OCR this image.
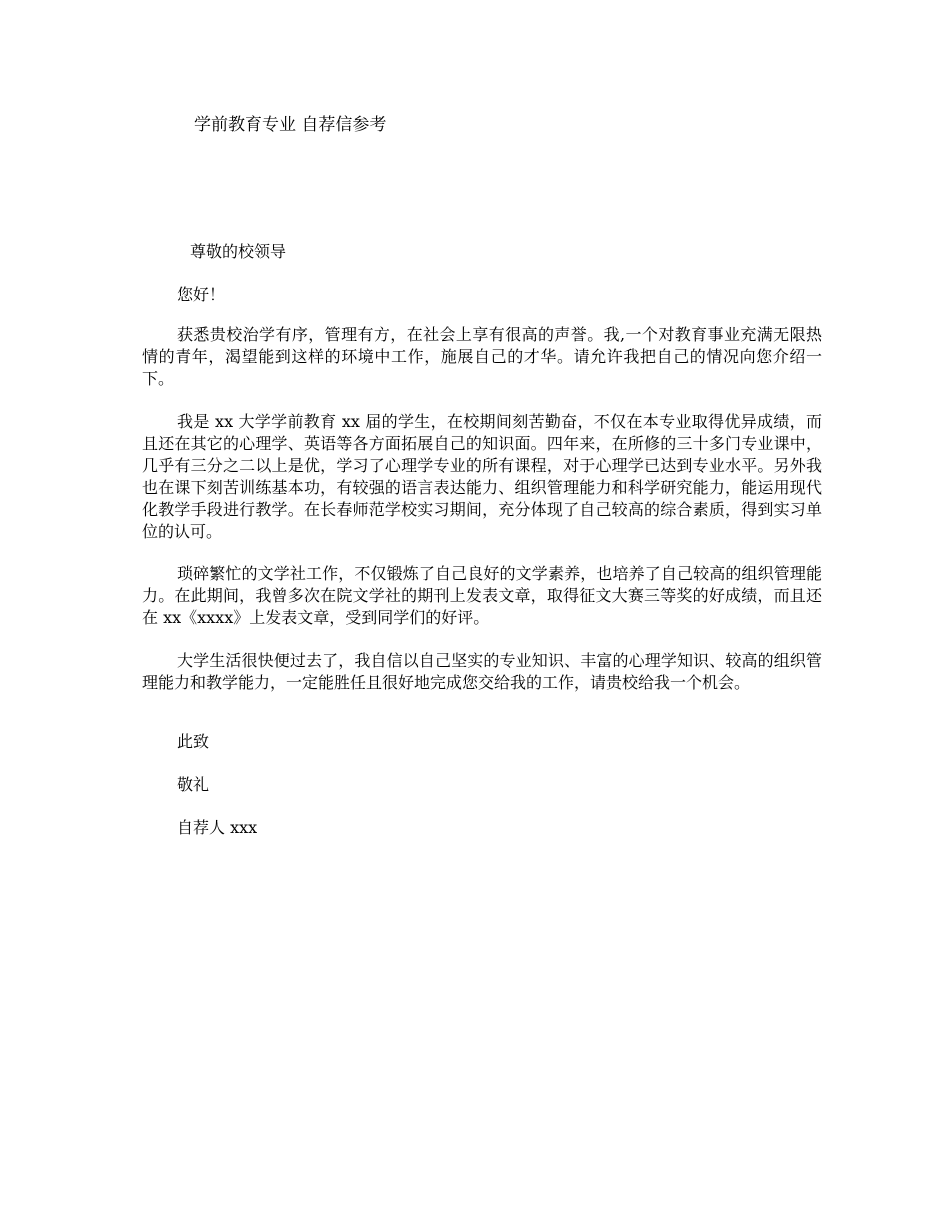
学前教育专业 自荐信参考
尊敬的校领导
您好！

获悉贵校治学有序，管理有方，在社会上享有很高的声誉。我,一个对教育事业充满无限热情的青年，渴望能到这样的环境中工作，施展自己的才华。请允许我把自己的情况向您介绍一下。

我是 xx 大学学前教育 xx 届的学生，在校期间刻苦勤奋，不仅在本专业取得优异成绩，而且还在其它的心理学、英语等各方面拓展自己的知识面。四年来，在所修的三十多门专业课中，几乎有三分之二以上是优，学习了心理学专业的所有课程，对于心理学已达到专业水平。另外我也在课下刻苦训练基本功，有较强的语言表达能力、组织管理能力和科学研究能力，能运用现代化教学手段进行教学。在长春师范学校实习期间，充分体现了自己较高的综合素质，得到实习单位的认可。

琐碎繁忙的文学社工作，不仅锻炼了自己良好的文学素养，也培养了自己较高的组织管理能力。在此期间，我曾多次在院文学社的期刊上发表文章，取得征文大赛三等奖的好成绩，而且还在 xx《xxxx》上发表文章，受到同学们的好评。

大学生活很快便过去了，我自信以自己坚实的专业知识、丰富的心理学知识、较高的组织管理能力和教学能力，一定能胜任且很好地完成您交给我的工作，请贵校给我一个机会。

此致
敬礼
自荐人 xxx
